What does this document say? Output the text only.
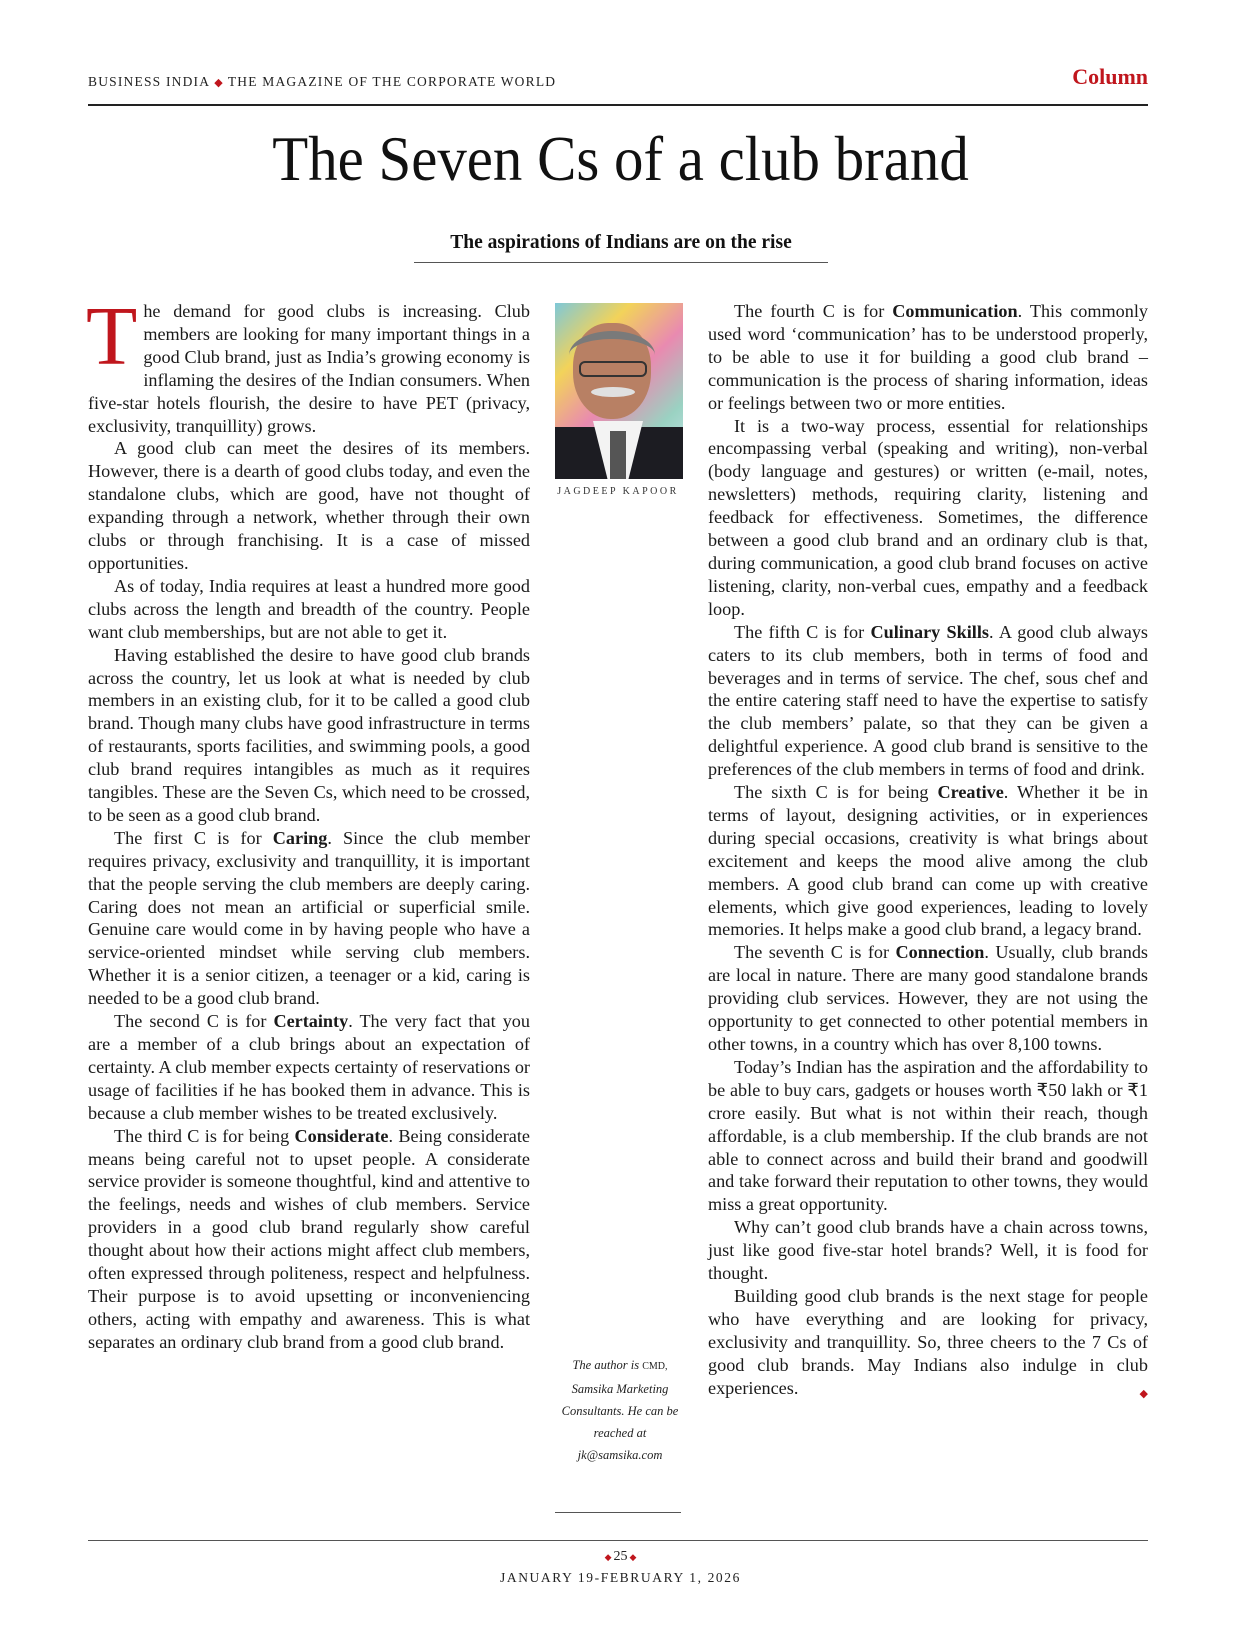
BUSINESS INDIA ◆ THE MAGAZINE OF THE CORPORATE WORLD	Column
The Seven Cs of a club brand
The aspirations of Indians are on the rise

The demand for good clubs is increasing. Club members are looking for many important things in a good Club brand, just as India’s growing economy is inflaming the desires of the Indian consumers. When five-star hotels flourish, the desire to have PET (privacy, exclusivity, tranquillity) grows.

A good club can meet the desires of its members. However, there is a dearth of good clubs today, and even the standalone clubs, which are good, have not thought of expanding through a network, whether through their own clubs or through franchising. It is a case of missed opportunities.

As of today, India requires at least a hundred more good clubs across the length and breadth of the country. People want club memberships, but are not able to get it.

Having established the desire to have good club brands across the country, let us look at what is needed by club members in an existing club, for it to be called a good club brand. Though many clubs have good infrastructure in terms of restaurants, sports facilities, and swimming pools, a good club brand requires intangibles as much as it requires tangibles. These are the Seven Cs, which need to be crossed, to be seen as a good club brand.

The first C is for Caring. Since the club member requires privacy, exclusivity and tranquillity, it is important that the people serving the club members are deeply caring. Caring does not mean an artificial or superficial smile. Genuine care would come in by having people who have a service-oriented mindset while serving club members. Whether it is a senior citizen, a teenager or a kid, caring is needed to be a good club brand.

The second C is for Certainty. The very fact that you are a member of a club brings about an expectation of certainty. A club member expects certainty of reservations or usage of facilities if he has booked them in advance. This is because a club member wishes to be treated exclusively.

The third C is for being Considerate. Being considerate means being careful not to upset people. A considerate service provider is someone thoughtful, kind and attentive to the feelings, needs and wishes of club members. Service providers in a good club brand regularly show careful thought about how their actions might affect club members, often expressed through politeness, respect and helpfulness. Their purpose is to avoid upsetting or inconveniencing others, acting with empathy and awareness. This is what separates an ordinary club brand from a good club brand.

JAGDEEP KAPOOR
The author is CMD, Samsika Marketing Consultants. He can be reached at jk@samsika.com

The fourth C is for Communication. This commonly used word ‘communication’ has to be understood properly, to be able to use it for building a good club brand – communication is the process of sharing information, ideas or feelings between two or more entities.

It is a two-way process, essential for relationships encompassing verbal (speaking and writing), non-verbal (body language and gestures) or written (e-mail, notes, newsletters) methods, requiring clarity, listening and feedback for effectiveness. Sometimes, the difference between a good club brand and an ordinary club is that, during communication, a good club brand focuses on active listening, clarity, non-verbal cues, empathy and a feedback loop.

The fifth C is for Culinary Skills. A good club always caters to its club members, both in terms of food and beverages and in terms of service. The chef, sous chef and the entire catering staff need to have the expertise to satisfy the club members’ palate, so that they can be given a delightful experience. A good club brand is sensitive to the preferences of the club members in terms of food and drink.

The sixth C is for being Creative. Whether it be in terms of layout, designing activities, or in experiences during special occasions, creativity is what brings about excitement and keeps the mood alive among the club members. A good club brand can come up with creative elements, which give good experiences, leading to lovely memories. It helps make a good club brand, a legacy brand.

The seventh C is for Connection. Usually, club brands are local in nature. There are many good standalone brands providing club services. However, they are not using the opportunity to get connected to other potential members in other towns, in a country which has over 8,100 towns.

Today’s Indian has the aspiration and the affordability to be able to buy cars, gadgets or houses worth ₹50 lakh or ₹1 crore easily. But what is not within their reach, though affordable, is a club membership. If the club brands are not able to connect across and build their brand and goodwill and take forward their reputation to other towns, they would miss a great opportunity.

Why can’t good club brands have a chain across towns, just like good five-star hotel brands? Well, it is food for thought.

Building good club brands is the next stage for people who have everything and are looking for privacy, exclusivity and tranquillity. So, three cheers to the 7 Cs of good club brands. May Indians also indulge in club experiences.	◆

◆ 25 ◆
JANUARY 19-FEBRUARY 1, 2026
